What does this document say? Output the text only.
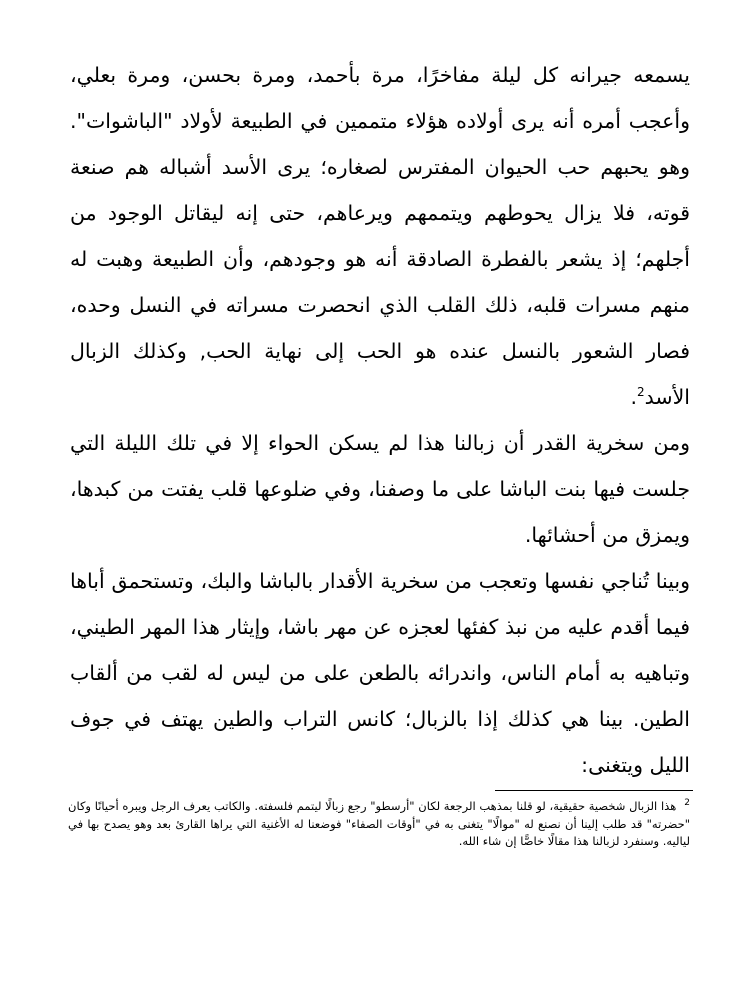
يسمعه جيرانه كل ليلة مفاخرًا، مرة بأحمد، ومرة بحسن، ومرة بعلي، وأعجب أمره أنه يرى أولاده هؤلاء متممين في الطبيعة لأولاد "الباشوات". وهو يحبهم حب الحيوان المفترس لصغاره؛ يرى الأسد أشباله هم صنعة قوته، فلا يزال يحوطهم ويتممهم ويرعاهم، حتى إنه ليقاتل الوجود من أجلهم؛ إذ يشعر بالفطرة الصادقة أنه هو وجودهم، وأن الطبيعة وهبت له منهم مسرات قلبه، ذلك القلب الذي انحصرت مسراته في النسل وحده، فصار الشعور بالنسل عنده هو الحب إلى نهاية الحب, وكذلك الزبال الأسد$^2$.

ومن سخرية القدر أن زبالنا هذا لم يسكن الحواء إلا في تلك الليلة التي جلست فيها بنت الباشا على ما وصفنا، وفي ضلوعها قلب يفتت من كبدها، ويمزق من أحشائها.

وبينا تُناجي نفسها وتعجب من سخرية الأقدار بالباشا والبك، وتستحمق أباها فيما أقدم عليه من نبذ كفئها لعجزه عن مهر باشا، وإيثار هذا المهر الطيني، وتباهيه به أمام الناس، واندرائه بالطعن على من ليس له لقب من ألقاب الطين. بينا هي كذلك إذا بالزبال؛ كانس التراب والطين يهتف في جوف الليل ويتغنى:

$^2$هذا الزبال شخصية حقيقية، لو قلنا بمذهب الرجعة لكان "أرسطو" رجع زبالًا ليتمم فلسفته. والكاتب يعرف الرجل ويبره أحيانًا وكان "حضرته" قد طلب إلينا أن نصنع له "موالًا" يتغنى به في "أوقات الصفاء" فوضعنا له الأغنية التي يراها القارئ بعد وهو يصدح بها في لياليه. وسنفرد لزبالنا هذا مقالًا خاصًّا إن شاء الله.
